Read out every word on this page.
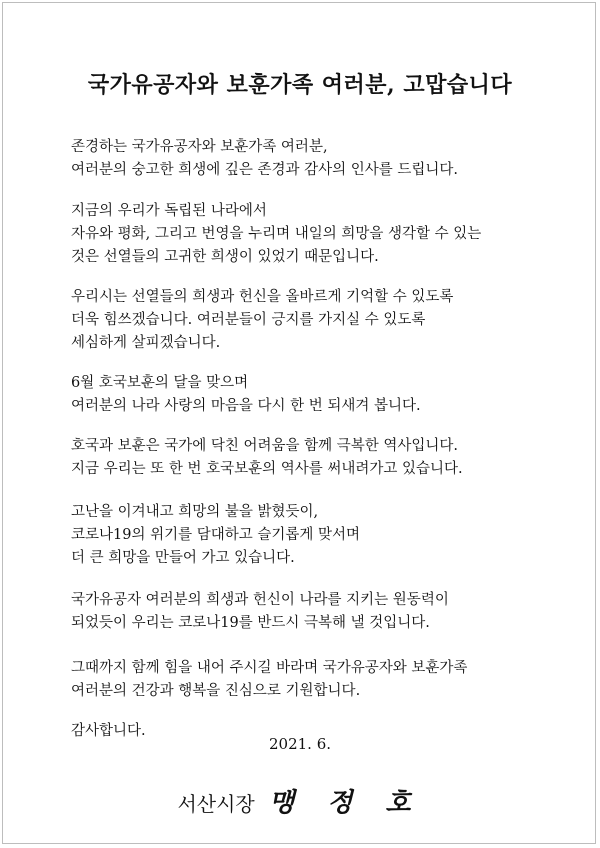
국가유공자와 보훈가족 여러분, 고맙습니다
존경하는 국가유공자와 보훈가족 여러분,
여러분의 숭고한 희생에 깊은 존경과 감사의 인사를 드립니다.
지금의 우리가 독립된 나라에서
자유와 평화, 그리고 번영을 누리며 내일의 희망을 생각할 수 있는
것은 선열들의 고귀한 희생이 있었기 때문입니다.
우리시는 선열들의 희생과 헌신을 올바르게 기억할 수 있도록
더욱 힘쓰겠습니다. 여러분들이 긍지를 가지실 수 있도록
세심하게 살피겠습니다.
6월 호국보훈의 달을 맞으며
여러분의 나라 사랑의 마음을 다시 한 번 되새겨 봅니다.
호국과 보훈은 국가에 닥친 어려움을 함께 극복한 역사입니다.
지금 우리는 또 한 번 호국보훈의 역사를 써내려가고 있습니다.
고난을 이겨내고 희망의 불을 밝혔듯이,
코로나19의 위기를 담대하고 슬기롭게 맞서며
더 큰 희망을 만들어 가고 있습니다.
국가유공자 여러분의 희생과 헌신이 나라를 지키는 원동력이
되었듯이 우리는 코로나19를 반드시 극복해 낼 것입니다.
그때까지 함께 힘을 내어 주시길 바라며 국가유공자와 보훈가족
여러분의 건강과 행복을 진심으로 기원합니다.
감사합니다.
2021. 6.
서산시장 맹 정 호
